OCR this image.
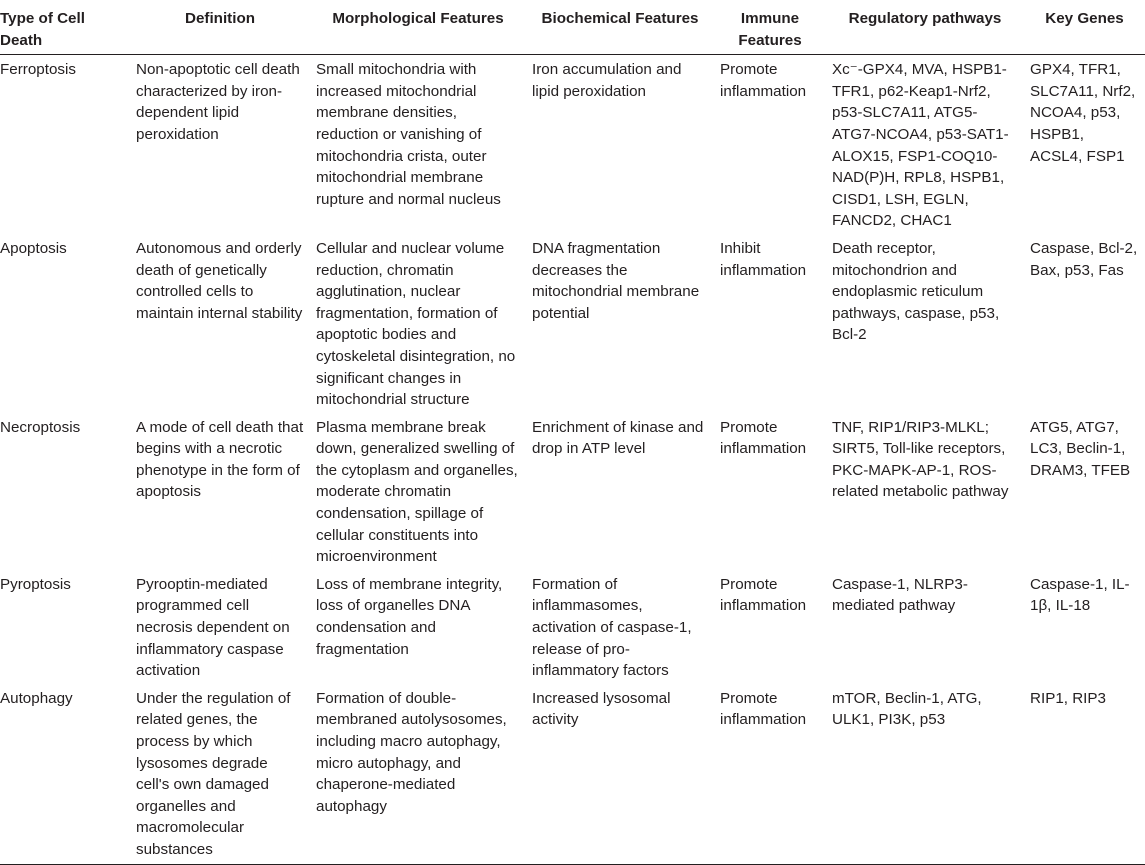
Type of Cell Death	Definition	Morphological Features	Biochemical Features	Immune Features	Regulatory pathways	Key Genes
Ferroptosis	Non-apoptotic cell death characterized by iron-dependent lipid peroxidation	Small mitochondria with increased mitochondrial membrane densities, reduction or vanishing of mitochondria crista, outer mitochondrial membrane rupture and normal nucleus	Iron accumulation and lipid peroxidation	Promote inflammation	Xc⁻-GPX4, MVA, HSPB1-TFR1, p62-Keap1-Nrf2, p53-SLC7A11, ATG5-ATG7-NCOA4, p53-SAT1-ALOX15, FSP1-COQ10-NAD(P)H, RPL8, HSPB1, CISD1, LSH, EGLN, FANCD2, CHAC1	GPX4, TFR1, SLC7A11, Nrf2, NCOA4, p53, HSPB1, ACSL4, FSP1
Apoptosis	Autonomous and orderly death of genetically controlled cells to maintain internal stability	Cellular and nuclear volume reduction, chromatin agglutination, nuclear fragmentation, formation of apoptotic bodies and cytoskeletal disintegration, no significant changes in mitochondrial structure	DNA fragmentation decreases the mitochondrial membrane potential	Inhibit inflammation	Death receptor, mitochondrion and endoplasmic reticulum pathways, caspase, p53, Bcl-2	Caspase, Bcl-2, Bax, p53, Fas
Necroptosis	A mode of cell death that begins with a necrotic phenotype in the form of apoptosis	Plasma membrane break down, generalized swelling of the cytoplasm and organelles, moderate chromatin condensation, spillage of cellular constituents into microenvironment	Enrichment of kinase and drop in ATP level	Promote inflammation	TNF, RIP1/RIP3-MLKL; SIRT5, Toll-like receptors, PKC-MAPK-AP-1, ROS-related metabolic pathway	ATG5, ATG7, LC3, Beclin-1, DRAM3, TFEB
Pyroptosis	Pyrooptin-mediated programmed cell necrosis dependent on inflammatory caspase activation	Loss of membrane integrity, loss of organelles DNA condensation and fragmentation	Formation of inflammasomes, activation of caspase-1, release of pro-inflammatory factors	Promote inflammation	Caspase-1, NLRP3-mediated pathway	Caspase-1, IL-1β, IL-18
Autophagy	Under the regulation of related genes, the process by which lysosomes degrade cell's own damaged organelles and macromolecular substances	Formation of double-membraned autolysosomes, including macro autophagy, micro autophagy, and chaperone-mediated autophagy	Increased lysosomal activity	Promote inflammation	mTOR, Beclin-1, ATG, ULK1, PI3K, p53	RIP1, RIP3
